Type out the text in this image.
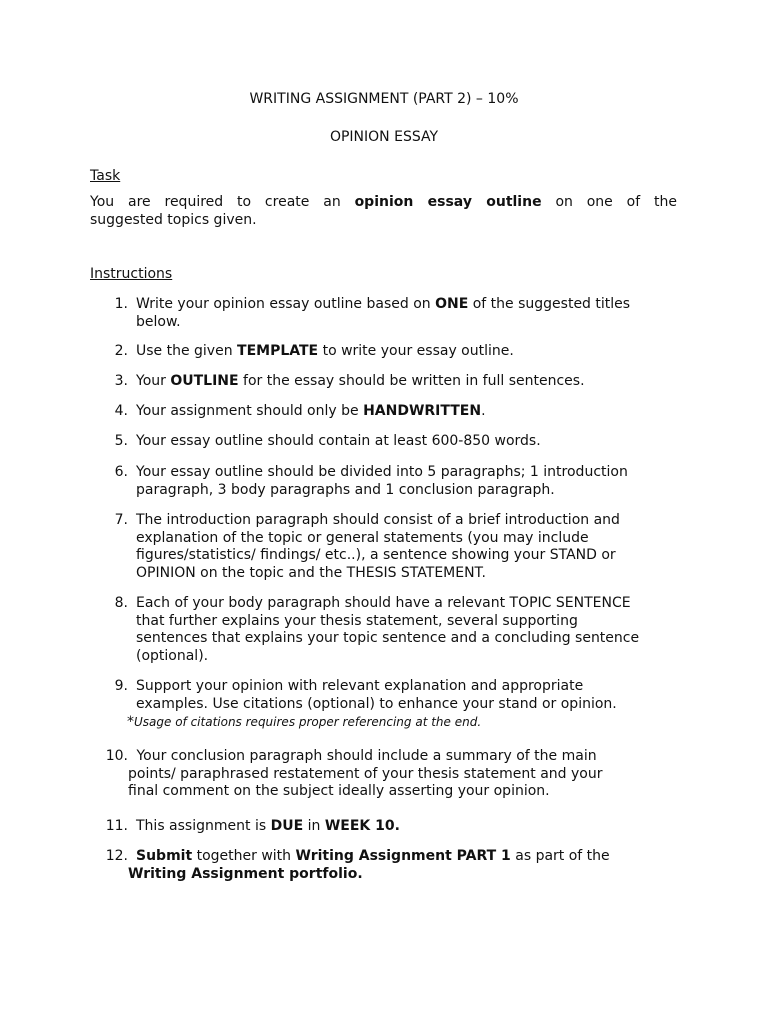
WRITING ASSIGNMENT (PART 2) – 10%
OPINION ESSAY
Task
You are required to create an opinion essay outline on one of the
suggested topics given.
Instructions
1. Write your opinion essay outline based on ONE of the suggested titles
below.
2. Use the given TEMPLATE to write your essay outline.
3. Your OUTLINE for the essay should be written in full sentences.
4. Your assignment should only be HANDWRITTEN.
5. Your essay outline should contain at least 600-850 words.
6. Your essay outline should be divided into 5 paragraphs; 1 introduction
paragraph, 3 body paragraphs and 1 conclusion paragraph.
7. The introduction paragraph should consist of a brief introduction and
explanation of the topic or general statements (you may include
figures/statistics/ findings/ etc..), a sentence showing your STAND or
OPINION on the topic and the THESIS STATEMENT.
8. Each of your body paragraph should have a relevant TOPIC SENTENCE
that further explains your thesis statement, several supporting
sentences that explains your topic sentence and a concluding sentence
(optional).
9. Support your opinion with relevant explanation and appropriate
examples. Use citations (optional) to enhance your stand or opinion.
*Usage of citations requires proper referencing at the end.
10. Your conclusion paragraph should include a summary of the main
points/ paraphrased restatement of your thesis statement and your
final comment on the subject ideally asserting your opinion.
11. This assignment is DUE in WEEK 10.
12. Submit together with Writing Assignment PART 1 as part of the
Writing Assignment portfolio.
